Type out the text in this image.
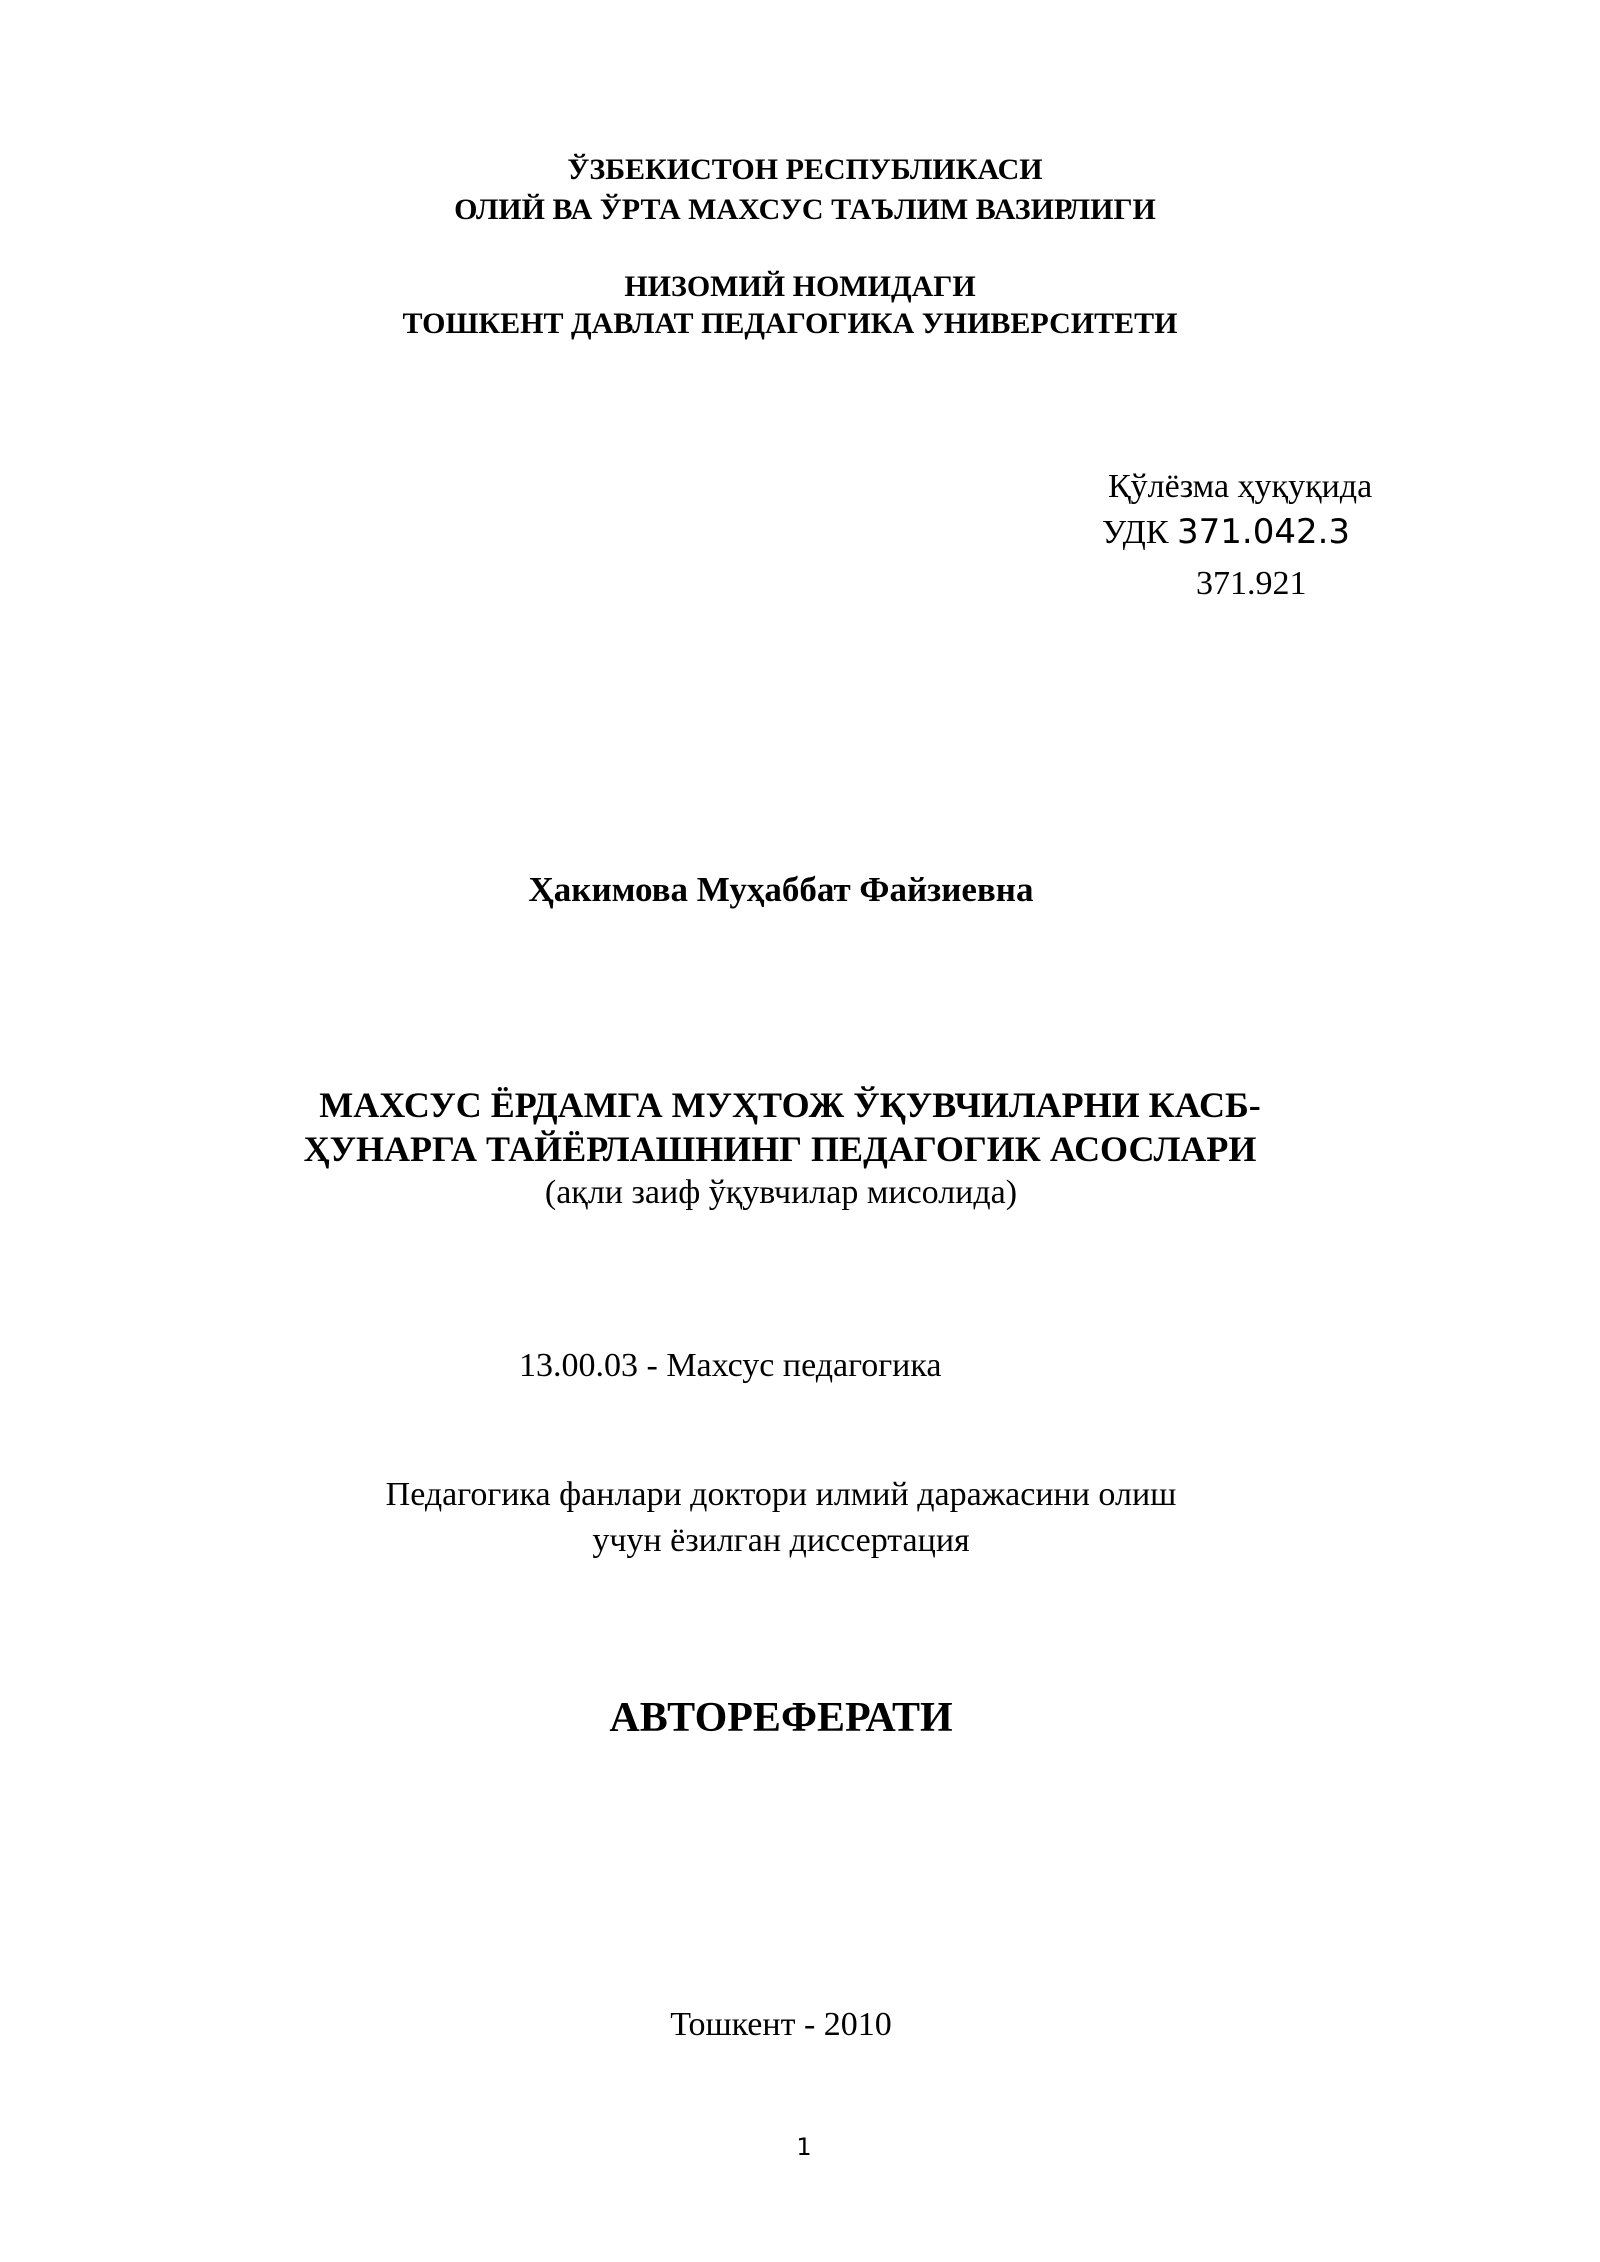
ЎЗБЕКИСТОН РЕСПУБЛИКАСИ
ОЛИЙ ВА ЎРТА МАХСУС ТАЪЛИМ ВАЗИРЛИГИ
НИЗОМИЙ НОМИДАГИ
ТОШКЕНТ ДАВЛАТ ПЕДАГОГИКА УНИВЕРСИТЕТИ
Қўлёзма ҳуқуқида
УДК 371.042.3
371.921
Ҳакимова Муҳаббат Файзиевна
МАХСУС ЁРДАМГА МУҲТОЖ ЎҚУВЧИЛАРНИ КАСБ-
ҲУНАРГА ТАЙЁРЛАШНИНГ ПЕДАГОГИК АСОСЛАРИ
(ақли заиф ўқувчилар мисолида)
13.00.03 - Махсус педагогика
Педагогика фанлари доктори илмий даражасини олиш
учун ёзилган диссертация
АВТОРЕФЕРАТИ
Тошкент - 2010
1
